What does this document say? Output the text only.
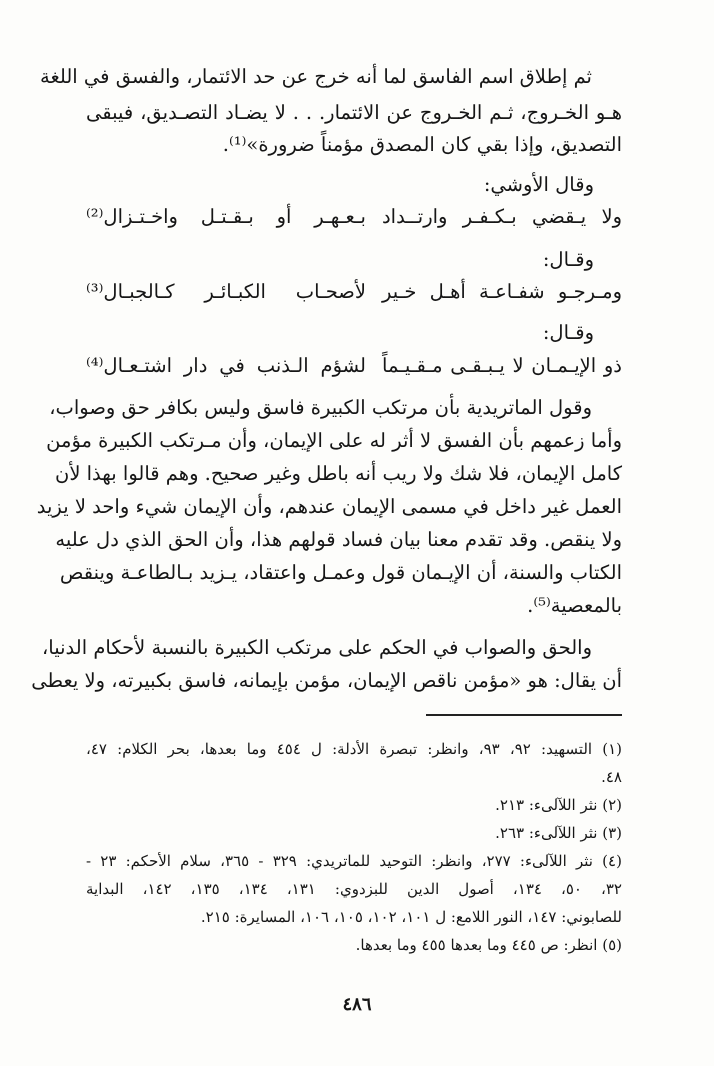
ثم إطلاق اسم الفاسق لما أنه خرج عن حد الائتمار، والفسق في اللغة
هـو الخـروج، ثـم الخـروج عن الائتمار. . . لا يضـاد التصـديق، فيبقى
التصديق، وإذا بقي كان المصدق مؤمناً ضرورة»⁽¹⁾.
وقال الأوشي:
ولا يـقضي بـكـفـر وارتــداد
بـعـهـر أو بـقـتـل واخـتـزال⁽²⁾
وقـال:
ومـرجـو شفـاعـة أهـل خـير
لأصحـاب الكبـائـر كـالجبـال⁽³⁾
وقـال:
ذو الإيـمـان لا يـبـقـى مـقـيـماً
لشؤم الـذنب في دار اشتـعـال⁽⁴⁾
وقول الماتريدية بأن مرتكب الكبيرة فاسق وليس بكافر حق وصواب،
وأما زعمهم بأن الفسق لا أثر له على الإيمان، وأن مـرتكب الكبيرة مؤمن
كامل الإيمان، فلا شك ولا ريب أنه باطل وغير صحيح. وهم قالوا بهذا لأن
العمل غير داخل في مسمى الإيمان عندهم، وأن الإيمان شيء واحد لا يزيد
ولا ينقص. وقد تقدم معنا بيان فساد قولهم هذا، وأن الحق الذي دل عليه
الكتاب والسنة، أن الإيـمان قول وعمـل واعتقاد، يـزيد بـالطاعـة وينقص
بالمعصية⁽⁵⁾.
والحق والصواب في الحكم على مرتكب الكبيرة بالنسبة لأحكام الدنيا،
أن يقال: هو «مؤمن ناقص الإيمان، مؤمن بإيمانه، فاسق بكبيرته، ولا يعطى
(١) التسهيد: ٩٢، ٩٣، وانظر: تبصرة الأدلة: ل ٤٥٤ وما بعدها، بحر الكلام: ٤٧،
٤٨.
(٢) نثر اللآلىء: ٢١٣.
(٣) نثر اللآلىء: ٢٦٣.
(٤) نثر اللآلىء: ٢٧٧، وانظر: التوحيد للماتريدي: ٣٢٩ - ٣٦٥، سلام الأحكم: ٢٣ -
٣٢، ٥٠، ١٣٤، أصول الدين للبزدوي: ١٣١، ١٣٤، ١٣٥، ١٤٢، البداية
للصابوني: ١٤٧، النور اللامع: ل ١٠١، ١٠٢، ١٠٥، ١٠٦، المسايرة: ٢١٥.
(٥) انظر: ص ٤٤٥ وما بعدها ٤٥٥ وما بعدها.
٤٨٦
